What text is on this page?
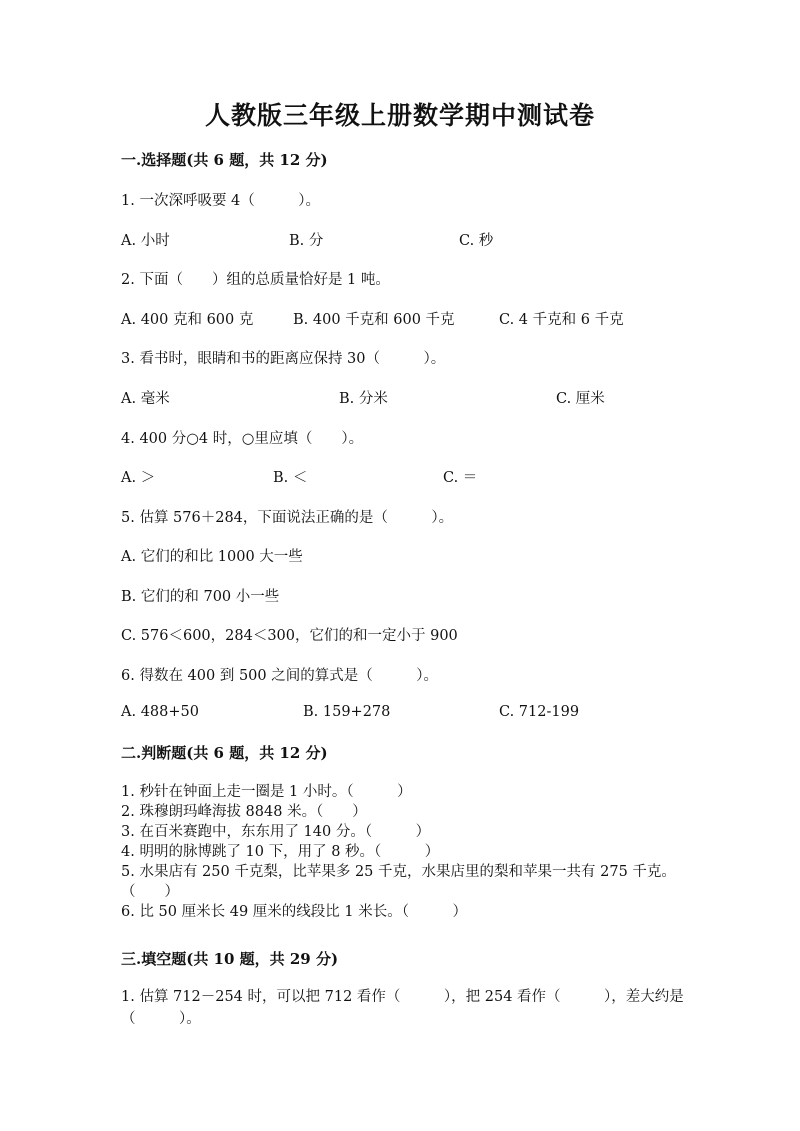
人教版三年级上册数学期中测试卷
一.选择题(共 6 题，共 12 分)
1. 一次深呼吸要 4（　　　）。
A. 小时	B. 分	C. 秒
2. 下面（　　）组的总质量恰好是 1 吨。
A. 400 克和 600 克	B. 400 千克和 600 千克	C. 4 千克和 6 千克
3. 看书时，眼睛和书的距离应保持 30（　　　）。
A. 毫米	B. 分米	C. 厘米
4. 400 分○4 时，○里应填（　　）。
A. ＞	B. ＜	C. ＝
5. 估算 576＋284，下面说法正确的是（　　　）。
A. 它们的和比 1000 大一些
B. 它们的和 700 小一些
C. 576＜600，284＜300，它们的和一定小于 900
6. 得数在 400 到 500 之间的算式是（　　　）。
A. 488+50	B. 159+278	C. 712-199
二.判断题(共 6 题，共 12 分)
1. 秒针在钟面上走一圈是 1 小时。（　　　）
2. 珠穆朗玛峰海拔 8848 米。（　　）
3. 在百米赛跑中，东东用了 140 分。（　　　）
4. 明明的脉博跳了 10 下，用了 8 秒。（　　　）
5. 水果店有 250 千克梨，比苹果多 25 千克，水果店里的梨和苹果一共有 275 千克。（　　）
6. 比 50 厘米长 49 厘米的线段比 1 米长。（　　　）
三.填空题(共 10 题，共 29 分)
1. 估算 712－254 时，可以把 712 看作（　　　），把 254 看作（　　　），差大约是（　　　）。
